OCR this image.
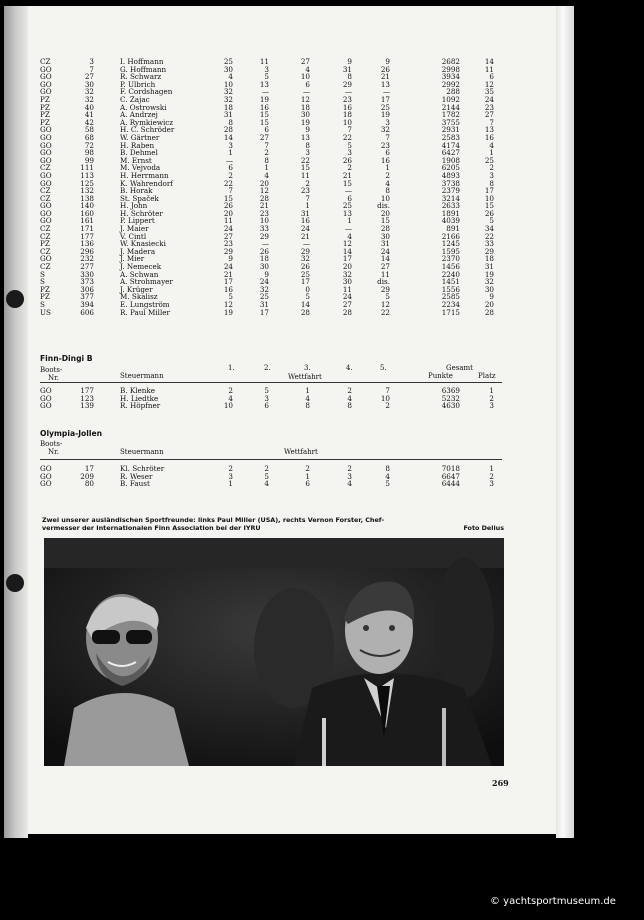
CZ	3	I. Hoffmann	25	11	27	9	9	2682	14
GO	7	G. Hoffmann	30	3	4	31	26	2998	11
GO	27	R. Schwarz	4	5	10	8	21	3934	6
GO	30	P. Ulbrich	10	13	6	29	13	2992	12
GO	32	F. Cordshagen	32	—	—	—	—	288	35
PZ	32	C. Zajac	32	19	12	23	17	1092	24
PZ	40	A. Ostrowski	18	16	18	16	25	2144	23
PZ	41	A. Andrzej	31	15	30	18	19	1782	27
PZ	42	A. Rymkiewicz	8	15	19	10	3	3755	7
GO	58	H. C. Schröder	28	6	9	7	32	2931	13
GO	68	W. Gärtner	14	27	13	22	7	2583	16
GO	72	H. Raben	3	7	8	5	23	4174	4
GO	98	B. Dehmel	1	2	3	3	6	6427	1
GO	99	M. Ernst	—	8	22	26	16	1908	25
CZ	111	M. Vejvoda	6	1	15	2	1	6205	2
GO	113	H. Herrmann	2	4	11	21	2	4893	3
GO	125	K. Wahrendorf	22	20	2	15	4	3738	8
CZ	132	B. Horak	7	12	23	—	8	2379	17
CZ	138	St. Spaček	15	28	7	6	10	3214	10
GO	140	H. John	26	21	1	25	dis.	2633	15
GO	160	H. Schröter	20	23	31	13	20	1891	26
GO	161	P. Lippert	11	10	16	1	15	4039	5
CZ	171	J. Maier	24	33	24	—	28	891	34
CZ	177	V. Cintl	27	29	21	4	30	2166	22
PZ	136	W. Knasiecki	23	—	—	12	31	1245	33
CZ	296	J. Madera	29	26	29	14	24	1595	29
GO	232	J. Mier	9	18	32	17	14	2370	18
CZ	277	J. Nemecek	24	30	26	20	27	1456	31
S	330	A. Schwan	21	9	25	32	11	2240	19
S	373	A. Strohmayer	17	24	17	30	dis.	1451	32
PZ	306	J. Krüger	16	32	0	11	29	1556	30
PZ	377	M. Skalisz	5	25	5	24	5	2585	9
S	394	E. Lungström	12	31	14	27	12	2234	20
US	606	R. Paul Miller	19	17	28	28	22	1715	28
Finn-Dingi B
Boots-
Nr.	Steuermann
1.	2.	3.	4.	5.
Wettfahrt
Gesamt
Punkte	Platz
GO	177	B. Klenke	2	5	1	2	7	6369	1
GO	123	H. Liedtke	4	3	4	4	10	5232	2
GO	139	R. Höpfner	10	6	8	8	2	4630	3
Olympia-Jollen
Boots-
Nr.	Steuermann	Wettfahrt
GO	17	Kl. Schröter	2	2	2	2	8	7018	1
GO	209	R. Weser	3	5	1	3	4	6647	2
GO	80	B. Faust	1	4	6	4	5	6444	3
Zwei unserer ausländischen Sportfreunde: links Paul Miller (USA), rechts Vernon Forster, Chef-
vermesser der Internationalen Finn Association bei der IYRU	Foto Delius
269
© yachtsportmuseum.de
